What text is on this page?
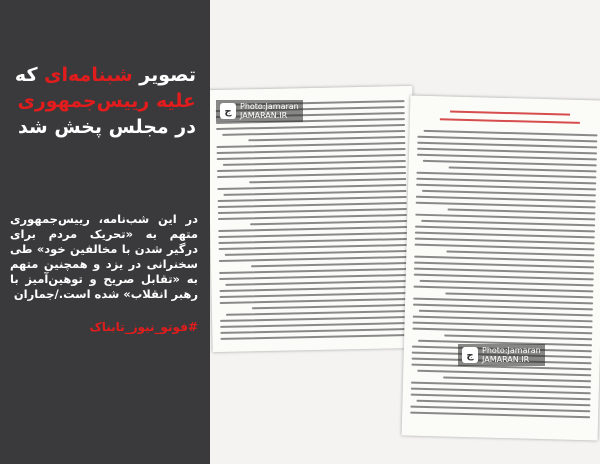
تصویر شبنامه‌ای که علیه رییس‌جمهوری در مجلس پخش شد
در این شب‌نامه، رییس‌جمهوری متهم به «تحریک مردم برای درگیر شدن با مخالفین خود» طی سخنرانی در یزد و همچنین متهم به «تقابل صریح و توهین‌آمیز با رهبر انقلاب» شده است./جماران
#فوتو_نیوز_تابناک
ج	Photo:Jamaran
JAMARAN.IR
ج	Photo:Jamaran
JAMARAN.IR
